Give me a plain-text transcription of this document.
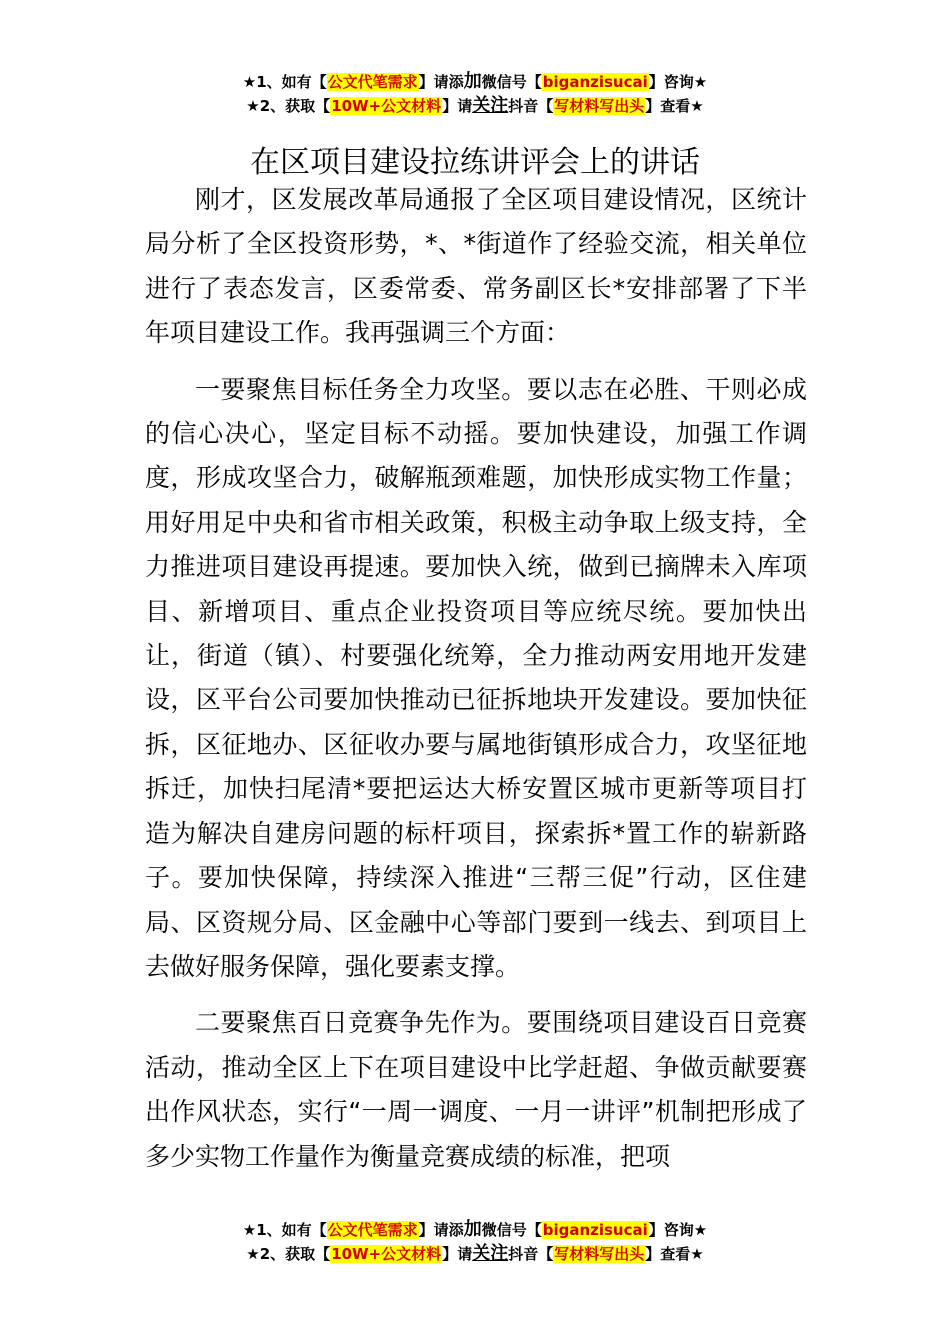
★1、如有【公文代笔需求】请添加微信号【biganzisucai】咨询★
★2、获取【10W+公文材料】请关注抖音【写材料写出头】查看★
在区项目建设拉练讲评会上的讲话

刚才，区发展改革局通报了全区项目建设情况，区统计局分析了全区投资形势，*、*街道作了经验交流，相关单位进行了表态发言，区委常委、常务副区长*安排部署了下半年项目建设工作。我再强调三个方面：

一要聚焦目标任务全力攻坚。要以志在必胜、干则必成的信心决心，坚定目标不动摇。要加快建设，加强工作调度，形成攻坚合力，破解瓶颈难题，加快形成实物工作量；用好用足中央和省市相关政策，积极主动争取上级支持，全力推进项目建设再提速。要加快入统，做到已摘牌未入库项目、新增项目、重点企业投资项目等应统尽统。要加快出让，街道（镇）、村要强化统筹，全力推动两安用地开发建设，区平台公司要加快推动已征拆地块开发建设。要加快征拆，区征地办、区征收办要与属地街镇形成合力，攻坚征地拆迁，加快扫尾清*要把运达大桥安置区城市更新等项目打造为解决自建房问题的标杆项目，探索拆*置工作的崭新路子。要加快保障，持续深入推进“三帮三促”行动，区住建局、区资规分局、区金融中心等部门要到一线去、到项目上去做好服务保障，强化要素支撑。

二要聚焦百日竞赛争先作为。要围绕项目建设百日竞赛活动，推动全区上下在项目建设中比学赶超、争做贡献要赛出作风状态，实行“一周一调度、一月一讲评”机制把形成了多少实物工作量作为衡量竞赛成绩的标准，把项

★1、如有【公文代笔需求】请添加微信号【biganzisucai】咨询★
★2、获取【10W+公文材料】请关注抖音【写材料写出头】查看★
